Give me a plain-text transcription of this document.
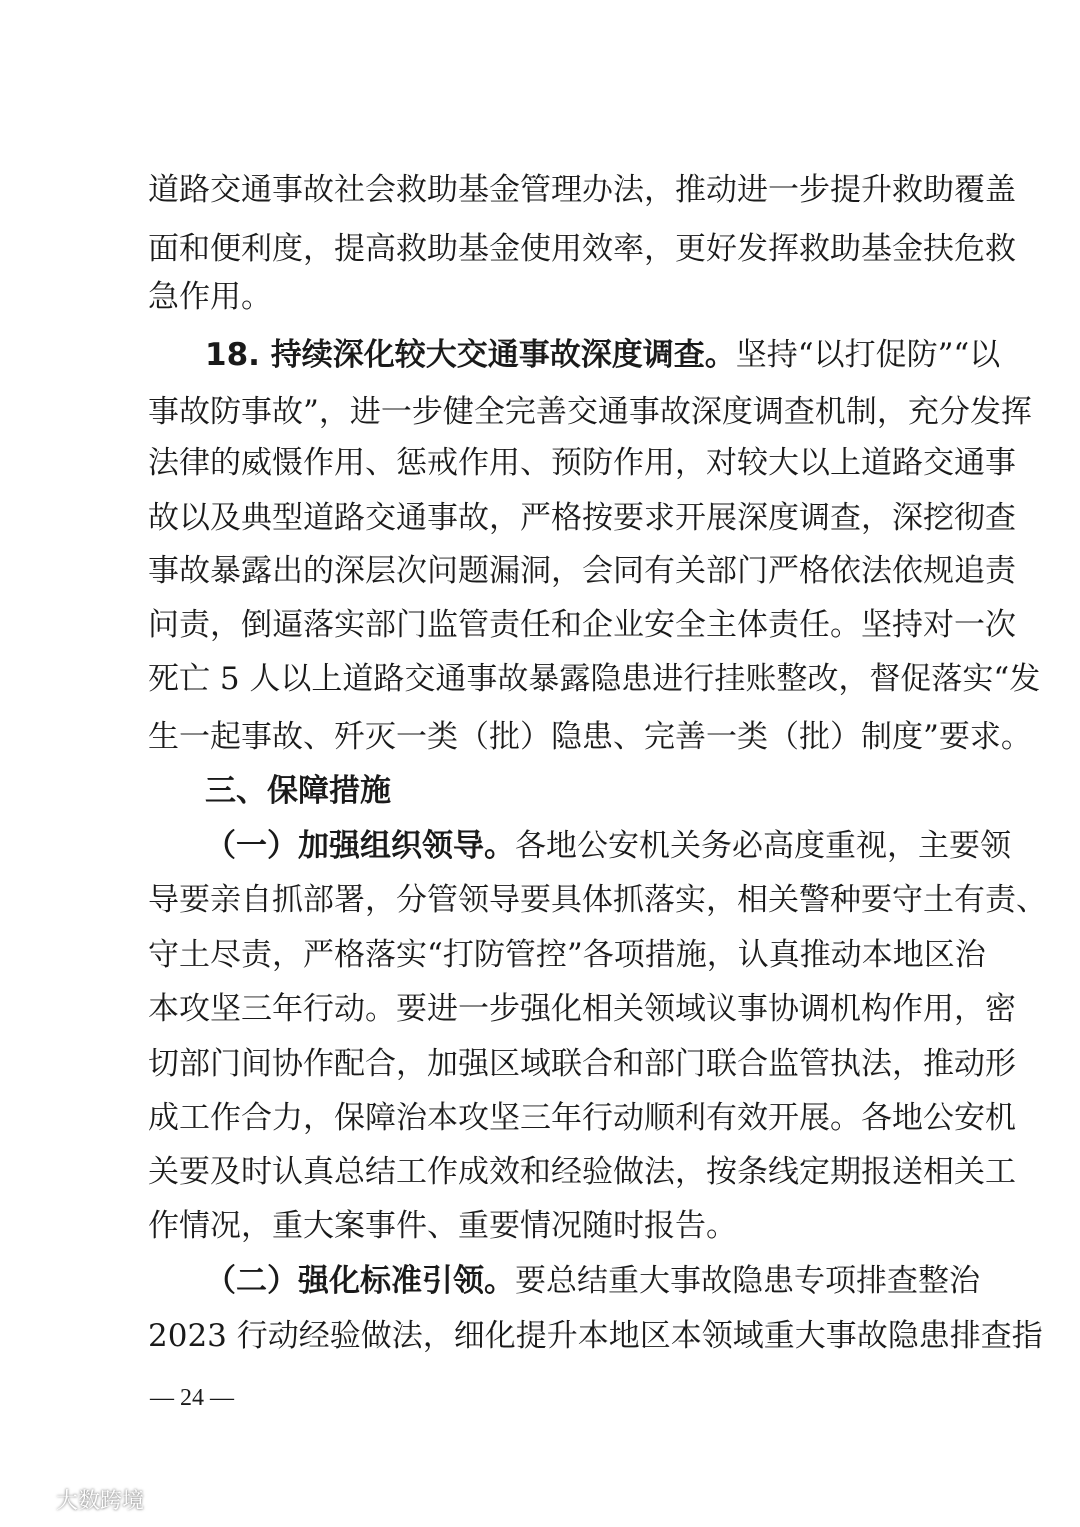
道路交通事故社会救助基金管理办法，推动进一步提升救助覆盖
面和便利度，提高救助基金使用效率，更好发挥救助基金扶危救
急作用。
18. 持续深化较大交通事故深度调查。坚持“以打促防”“以
事故防事故”，进一步健全完善交通事故深度调查机制，充分发挥
法律的威慑作用、惩戒作用、预防作用，对较大以上道路交通事
故以及典型道路交通事故，严格按要求开展深度调查，深挖彻查
事故暴露出的深层次问题漏洞，会同有关部门严格依法依规追责
问责，倒逼落实部门监管责任和企业安全主体责任。坚持对一次
死亡 5 人以上道路交通事故暴露隐患进行挂账整改，督促落实“发
生一起事故、歼灭一类（批）隐患、完善一类（批）制度”要求。
三、保障措施
（一）加强组织领导。各地公安机关务必高度重视，主要领
导要亲自抓部署，分管领导要具体抓落实，相关警种要守土有责、
守土尽责，严格落实“打防管控”各项措施，认真推动本地区治
本攻坚三年行动。要进一步强化相关领域议事协调机构作用，密
切部门间协作配合，加强区域联合和部门联合监管执法，推动形
成工作合力，保障治本攻坚三年行动顺利有效开展。各地公安机
关要及时认真总结工作成效和经验做法，按条线定期报送相关工
作情况，重大案事件、重要情况随时报告。
（二）强化标准引领。要总结重大事故隐患专项排查整治
2023 行动经验做法，细化提升本地区本领域重大事故隐患排查指
— 24 —
大数跨境
